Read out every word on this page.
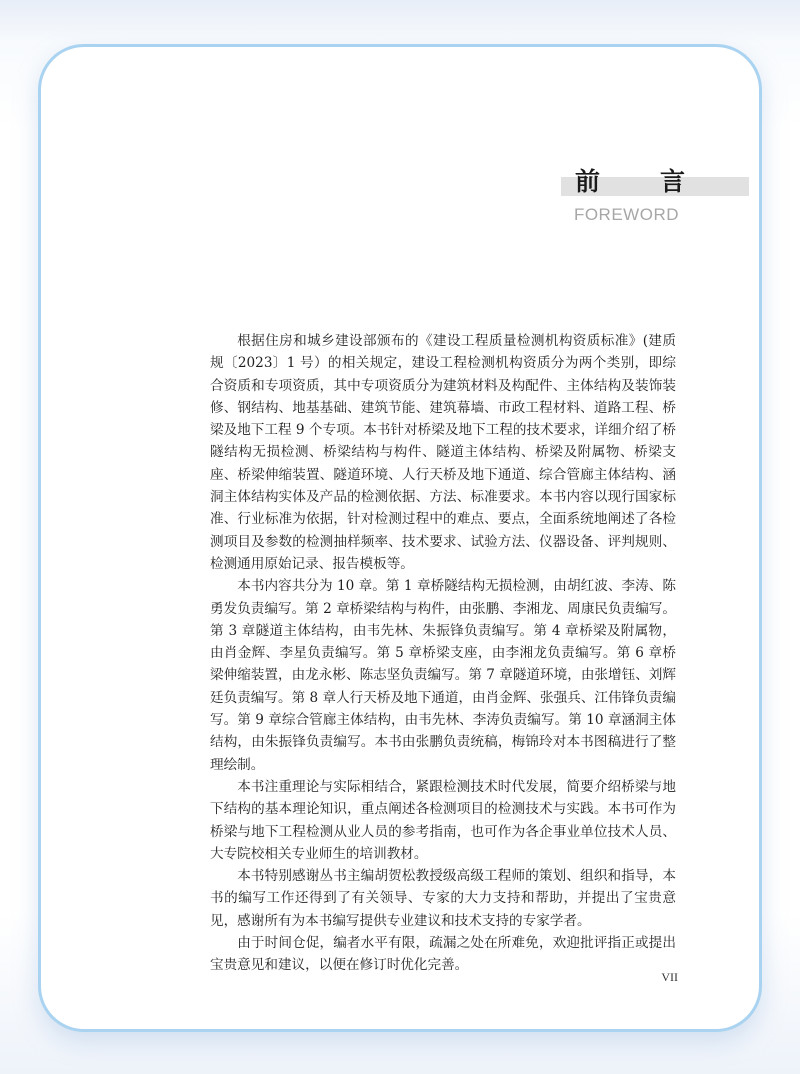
前 言
FOREWORD

根据住房和城乡建设部颁布的《建设工程质量检测机构资质标准》(建质规〔2023〕1 号）的相关规定，建设工程检测机构资质分为两个类别，即综合资质和专项资质，其中专项资质分为建筑材料及构配件、主体结构及装饰装修、钢结构、地基基础、建筑节能、建筑幕墙、市政工程材料、道路工程、桥梁及地下工程 9 个专项。本书针对桥梁及地下工程的技术要求，详细介绍了桥隧结构无损检测、桥梁结构与构件、隧道主体结构、桥梁及附属物、桥梁支座、桥梁伸缩装置、隧道环境、人行天桥及地下通道、综合管廊主体结构、涵洞主体结构实体及产品的检测依据、方法、标准要求。本书内容以现行国家标准、行业标准为依据，针对检测过程中的难点、要点，全面系统地阐述了各检测项目及参数的检测抽样频率、技术要求、试验方法、仪器设备、评判规则、检测通用原始记录、报告模板等。

本书内容共分为 10 章。第 1 章桥隧结构无损检测，由胡红波、李涛、陈勇发负责编写。第 2 章桥梁结构与构件，由张鹏、李湘龙、周康民负责编写。第 3 章隧道主体结构，由韦先林、朱振锋负责编写。第 4 章桥梁及附属物，由肖金辉、李星负责编写。第 5 章桥梁支座，由李湘龙负责编写。第 6 章桥梁伸缩装置，由龙永彬、陈志坚负责编写。第 7 章隧道环境，由张增钰、刘辉廷负责编写。第 8 章人行天桥及地下通道，由肖金辉、张强兵、江伟锋负责编写。第 9 章综合管廊主体结构，由韦先林、李涛负责编写。第 10 章涵洞主体结构，由朱振锋负责编写。本书由张鹏负责统稿，梅锦玲对本书图稿进行了整理绘制。

本书注重理论与实际相结合，紧跟检测技术时代发展，简要介绍桥梁与地下结构的基本理论知识，重点阐述各检测项目的检测技术与实践。本书可作为桥梁与地下工程检测从业人员的参考指南，也可作为各企事业单位技术人员、大专院校相关专业师生的培训教材。

本书特别感谢丛书主编胡贺松教授级高级工程师的策划、组织和指导，本书的编写工作还得到了有关领导、专家的大力支持和帮助，并提出了宝贵意见，感谢所有为本书编写提供专业建议和技术支持的专家学者。

由于时间仓促，编者水平有限，疏漏之处在所难免，欢迎批评指正或提出宝贵意见和建议，以便在修订时优化完善。

VII
